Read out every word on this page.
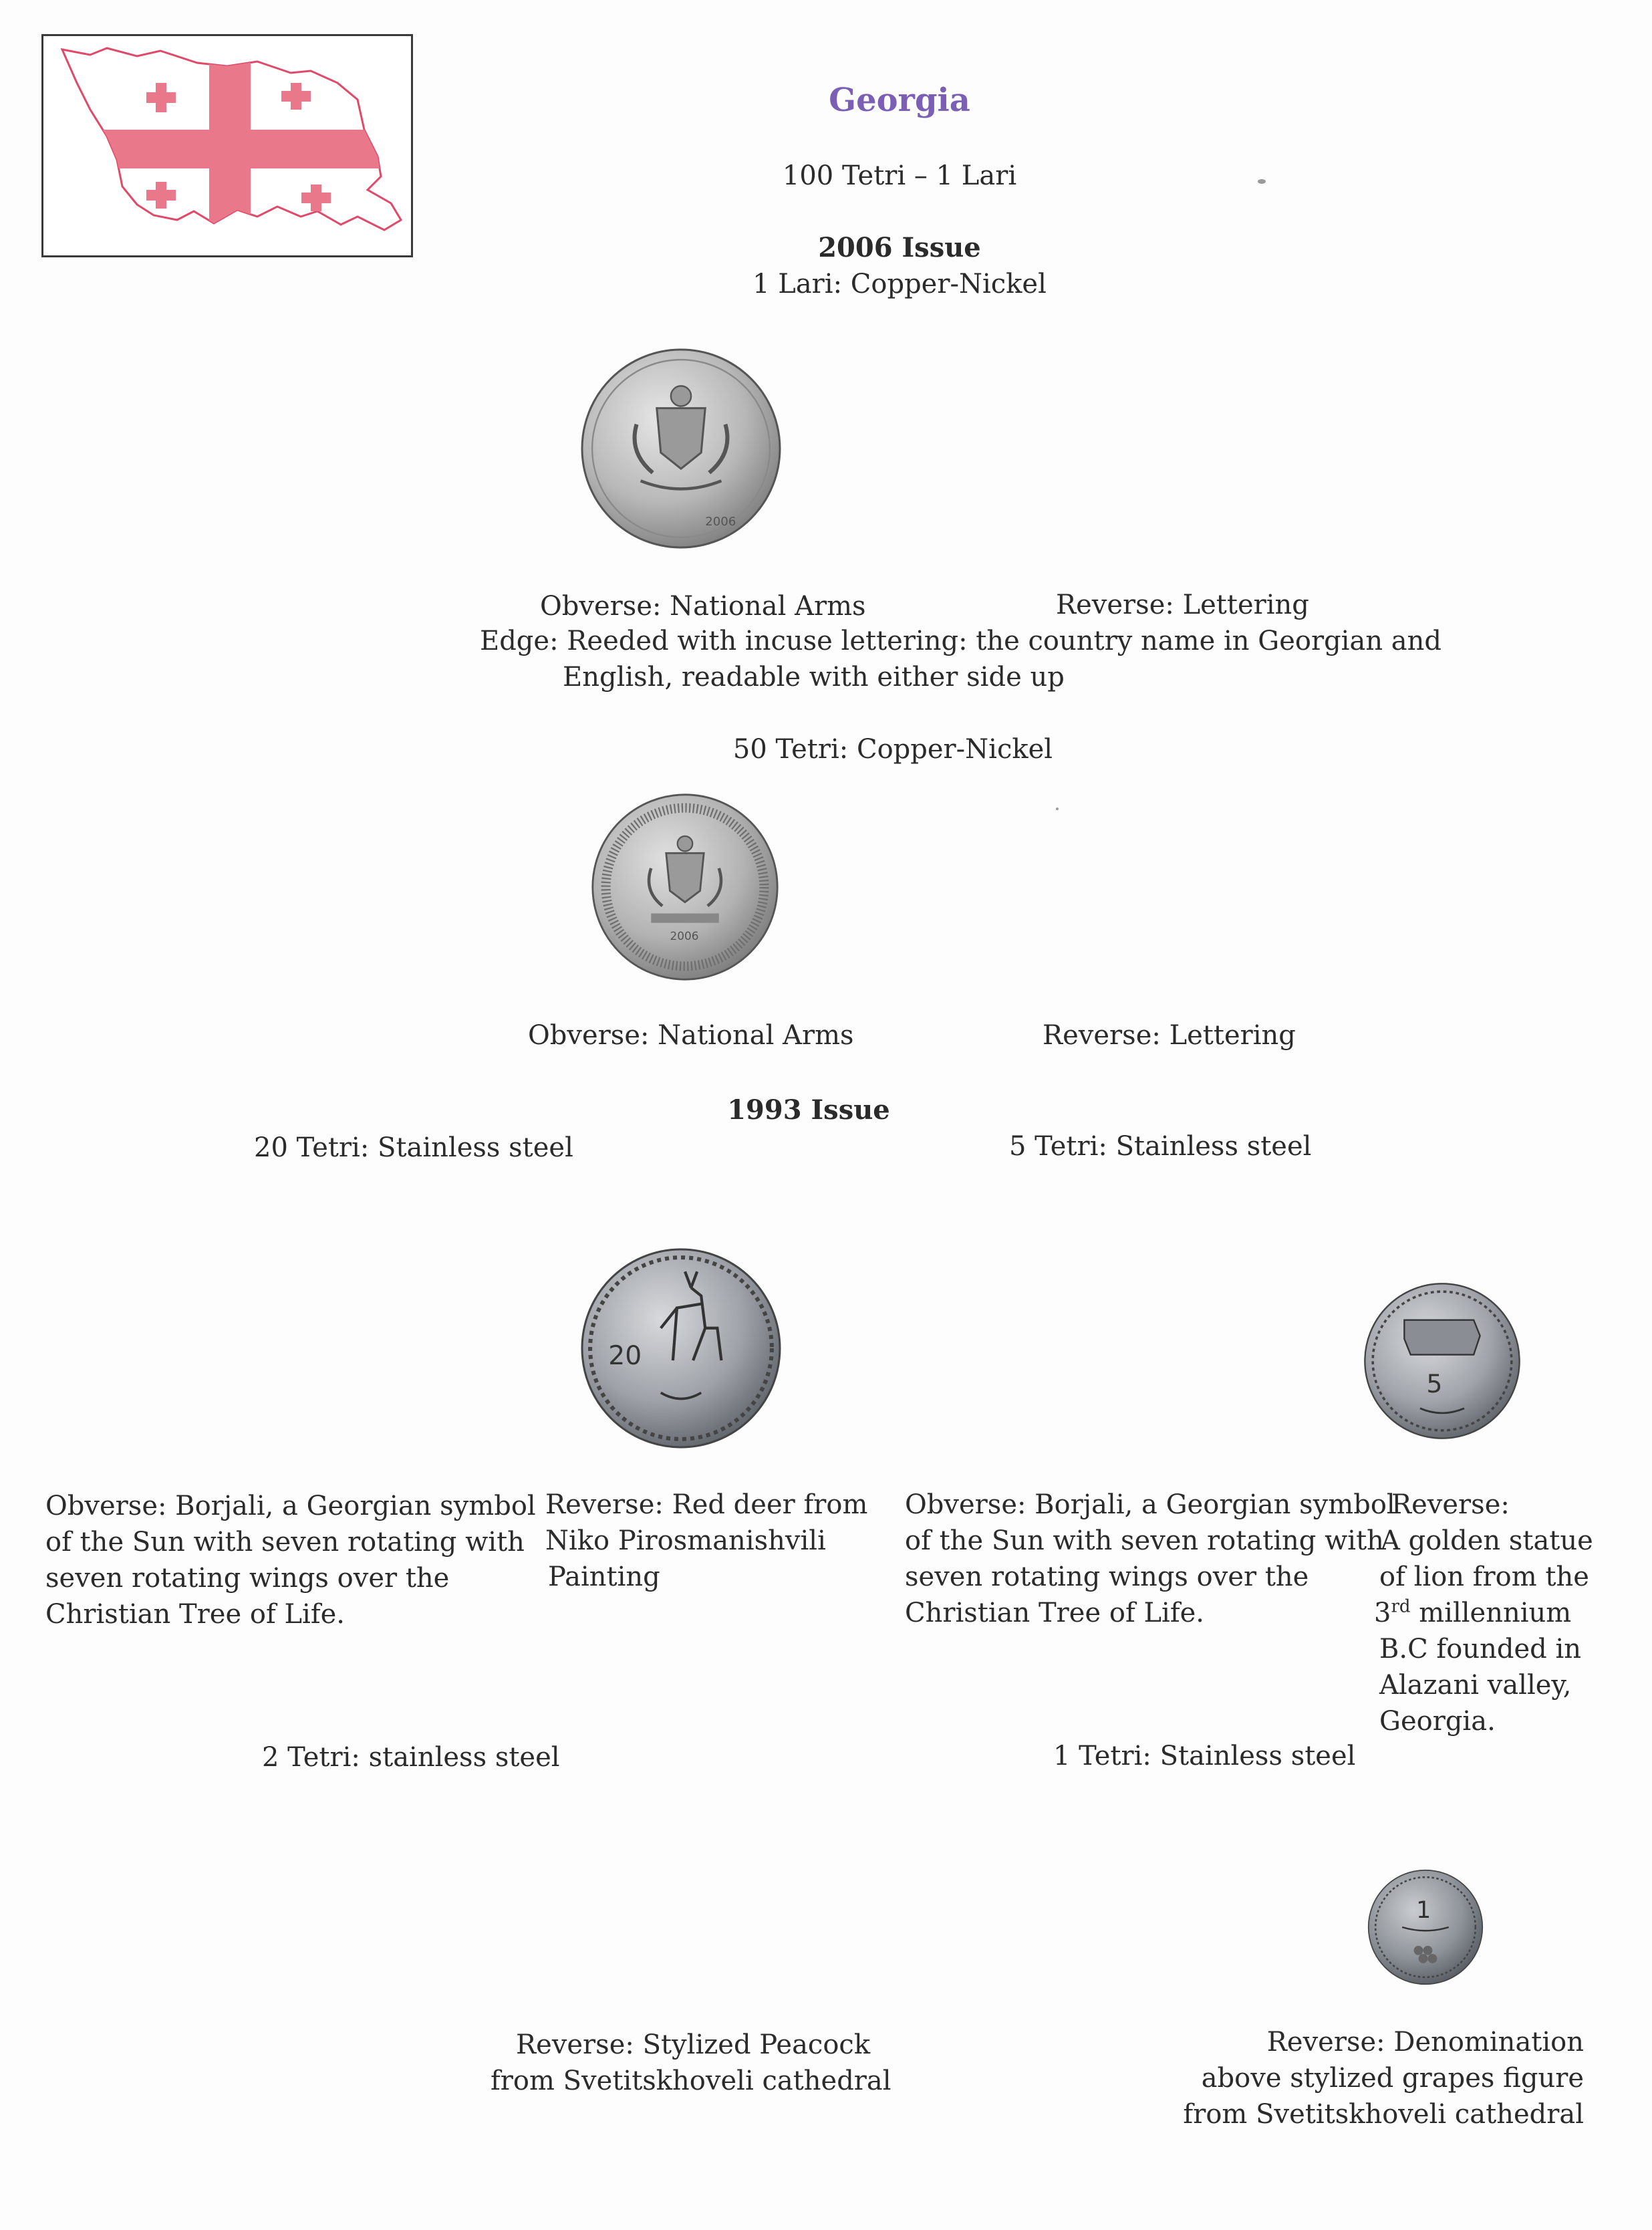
Georgia
100 Tetri – 1 Lari
2006 Issue
1 Lari: Copper-Nickel
2006
Obverse: National Arms	Reverse: Lettering
Edge: Reeded with incuse lettering: the country name in Georgian and
English, readable with either side up
50 Tetri: Copper-Nickel
2006
Obverse: National Arms	Reverse: Lettering
1993 Issue
20 Tetri: Stainless steel	5 Tetri: Stainless steel
20
5
Obverse: Borjali, a Georgian symbol
of the Sun with seven rotating with
seven rotating wings over the
Christian Tree of Life.
Reverse: Red deer from
Niko Pirosmanishvili
Painting
Obverse: Borjali, a Georgian symbol
of the Sun with seven rotating with
seven rotating wings over the
Christian Tree of Life.
Reverse:
A golden statue
of lion from the
3rd millennium
B.C founded in
Alazani valley,
Georgia.
2 Tetri: stainless steel	1 Tetri: Stainless steel
1
Reverse: Stylized Peacock
from Svetitskhoveli cathedral
Reverse: Denomination
above stylized grapes figure
from Svetitskhoveli cathedral
